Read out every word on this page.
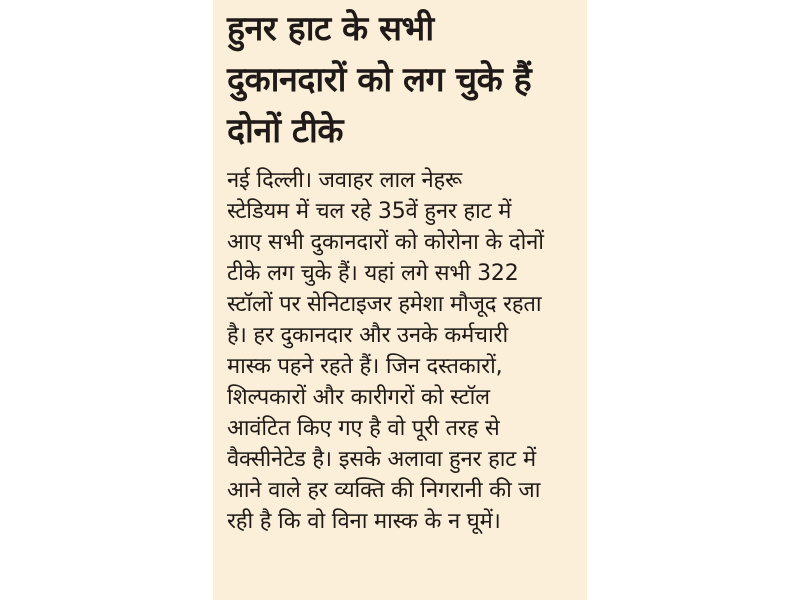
हुनर हाट के सभी
दुकानदारों को लग चुके हैं
दोनों टीके
नई दिल्ली। जवाहर लाल नेहरू
स्टेडियम में चल रहे 35वें हुनर हाट में
आए सभी दुकानदारों को कोरोना के दोनों
टीके लग चुके हैं। यहां लगे सभी 322
स्टॉलों पर सेनिटाइजर हमेशा मौजूद रहता
है। हर दुकानदार और उनके कर्मचारी
मास्क पहने रहते हैं। जिन दस्तकारों,
शिल्पकारों और कारीगरों को स्टॉल
आवंटित किए गए है वो पूरी तरह से
वैक्सीनेटेड है। इसके अलावा हुनर हाट में
आने वाले हर व्यक्ति की निगरानी की जा
रही है कि वो विना मास्क के न घूमें।
